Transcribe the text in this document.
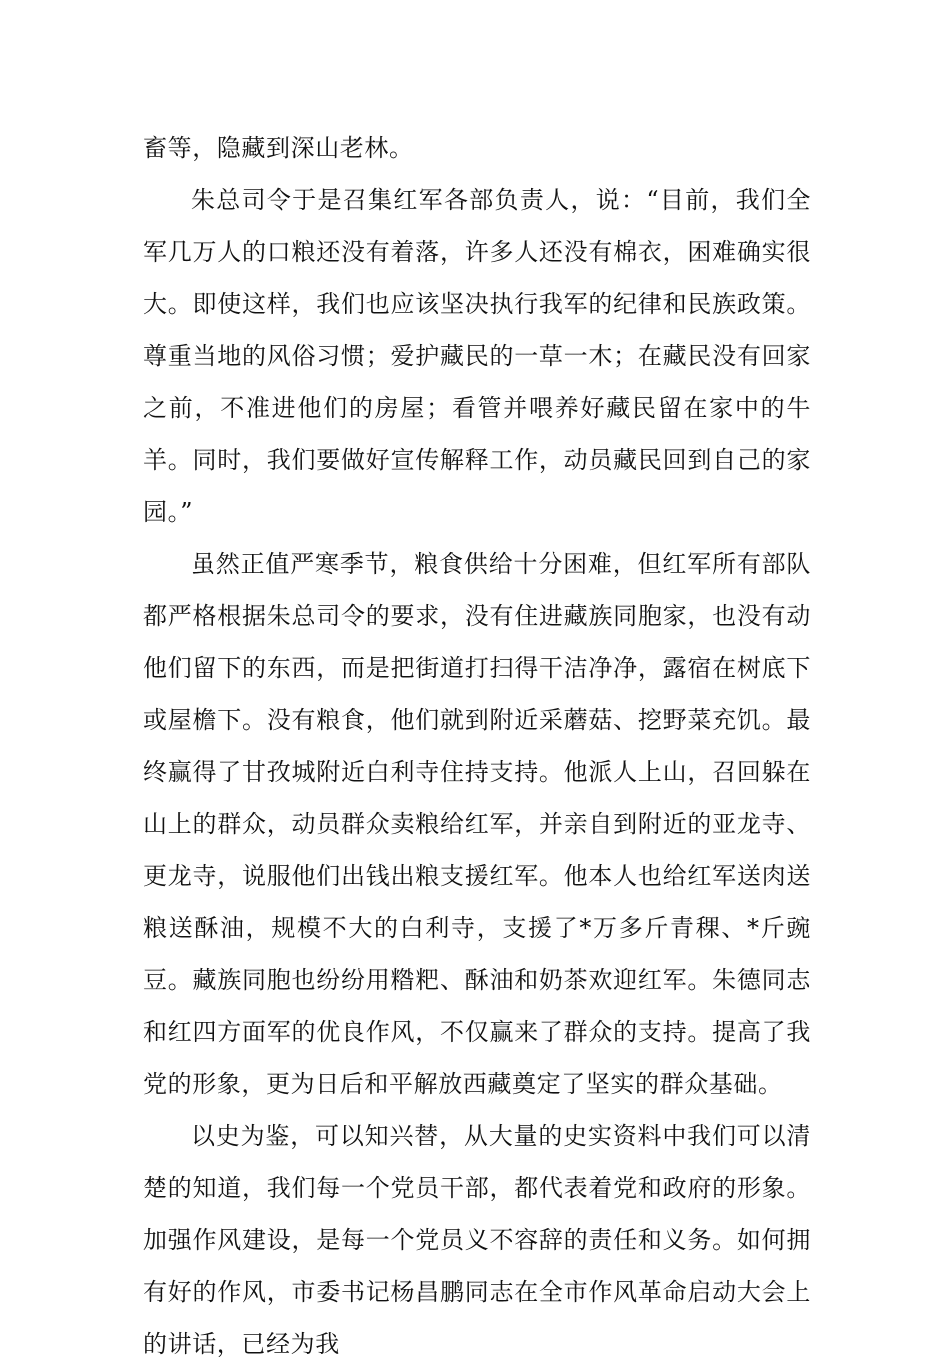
畜等，隐藏到深山老林。

朱总司令于是召集红军各部负责人，说：“目前，我们全军几万人的口粮还没有着落，许多人还没有棉衣，困难确实很大。即使这样，我们也应该坚决执行我军的纪律和民族政策。尊重当地的风俗习惯；爱护藏民的一草一木；在藏民没有回家之前，不准进他们的房屋；看管并喂养好藏民留在家中的牛羊。同时，我们要做好宣传解释工作，动员藏民回到自己的家园。”

虽然正值严寒季节，粮食供给十分困难，但红军所有部队都严格根据朱总司令的要求，没有住进藏族同胞家，也没有动他们留下的东西，而是把街道打扫得干洁净净，露宿在树底下或屋檐下。没有粮食，他们就到附近采蘑菇、挖野菜充饥。最终赢得了甘孜城附近白利寺住持支持。他派人上山，召回躲在山上的群众，动员群众卖粮给红军，并亲自到附近的亚龙寺、更龙寺，说服他们出钱出粮支援红军。他本人也给红军送肉送粮送酥油，规模不大的白利寺，支援了*万多斤青稞、*斤豌豆。藏族同胞也纷纷用糌粑、酥油和奶茶欢迎红军。朱德同志和红四方面军的优良作风，不仅赢来了群众的支持。提高了我党的形象，更为日后和平解放西藏奠定了坚实的群众基础。

以史为鉴，可以知兴替，从大量的史实资料中我们可以清楚的知道，我们每一个党员干部，都代表着党和政府的形象。加强作风建设，是每一个党员义不容辞的责任和义务。如何拥有好的作风，市委书记杨昌鹏同志在全市作风革命启动大会上的讲话，已经为我
